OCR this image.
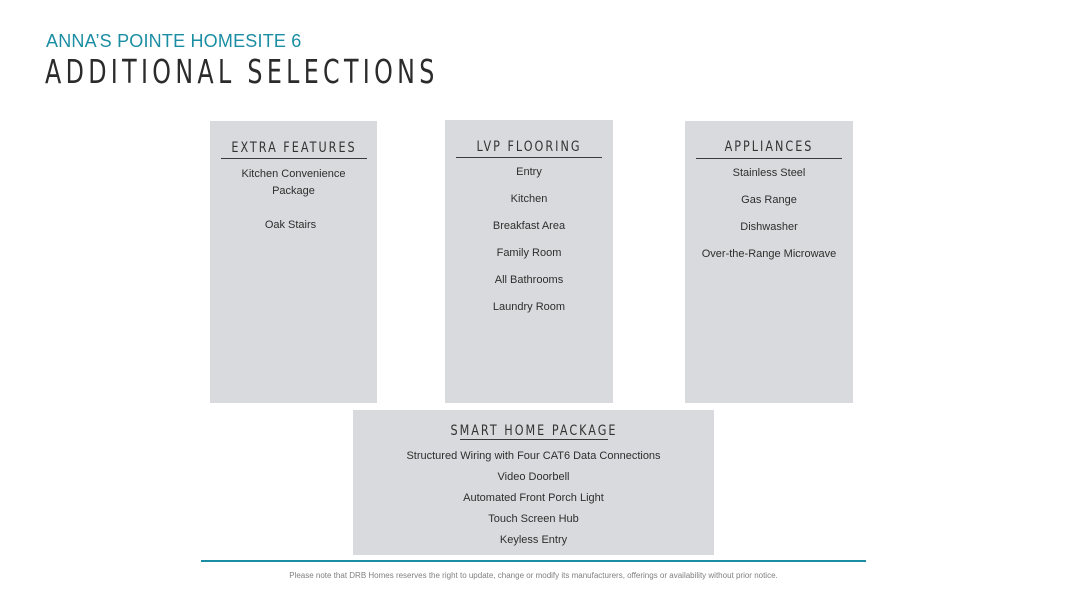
ANNA’S POINTE HOMESITE 6
ADDITIONAL SELECTIONS
EXTRA FEATURES
Kitchen Convenience
Package
Oak Stairs
LVP FLOORING
Entry
Kitchen
Breakfast Area
Family Room
All Bathrooms
Laundry Room
APPLIANCES
Stainless Steel
Gas Range
Dishwasher
Over-the-Range Microwave
SMART HOME PACKAGE
Structured Wiring with Four CAT6 Data Connections
Video Doorbell
Automated Front Porch Light
Touch Screen Hub
Keyless Entry
Please note that DRB Homes reserves the right to update, change or modify its manufacturers, offerings or availability without prior notice.
